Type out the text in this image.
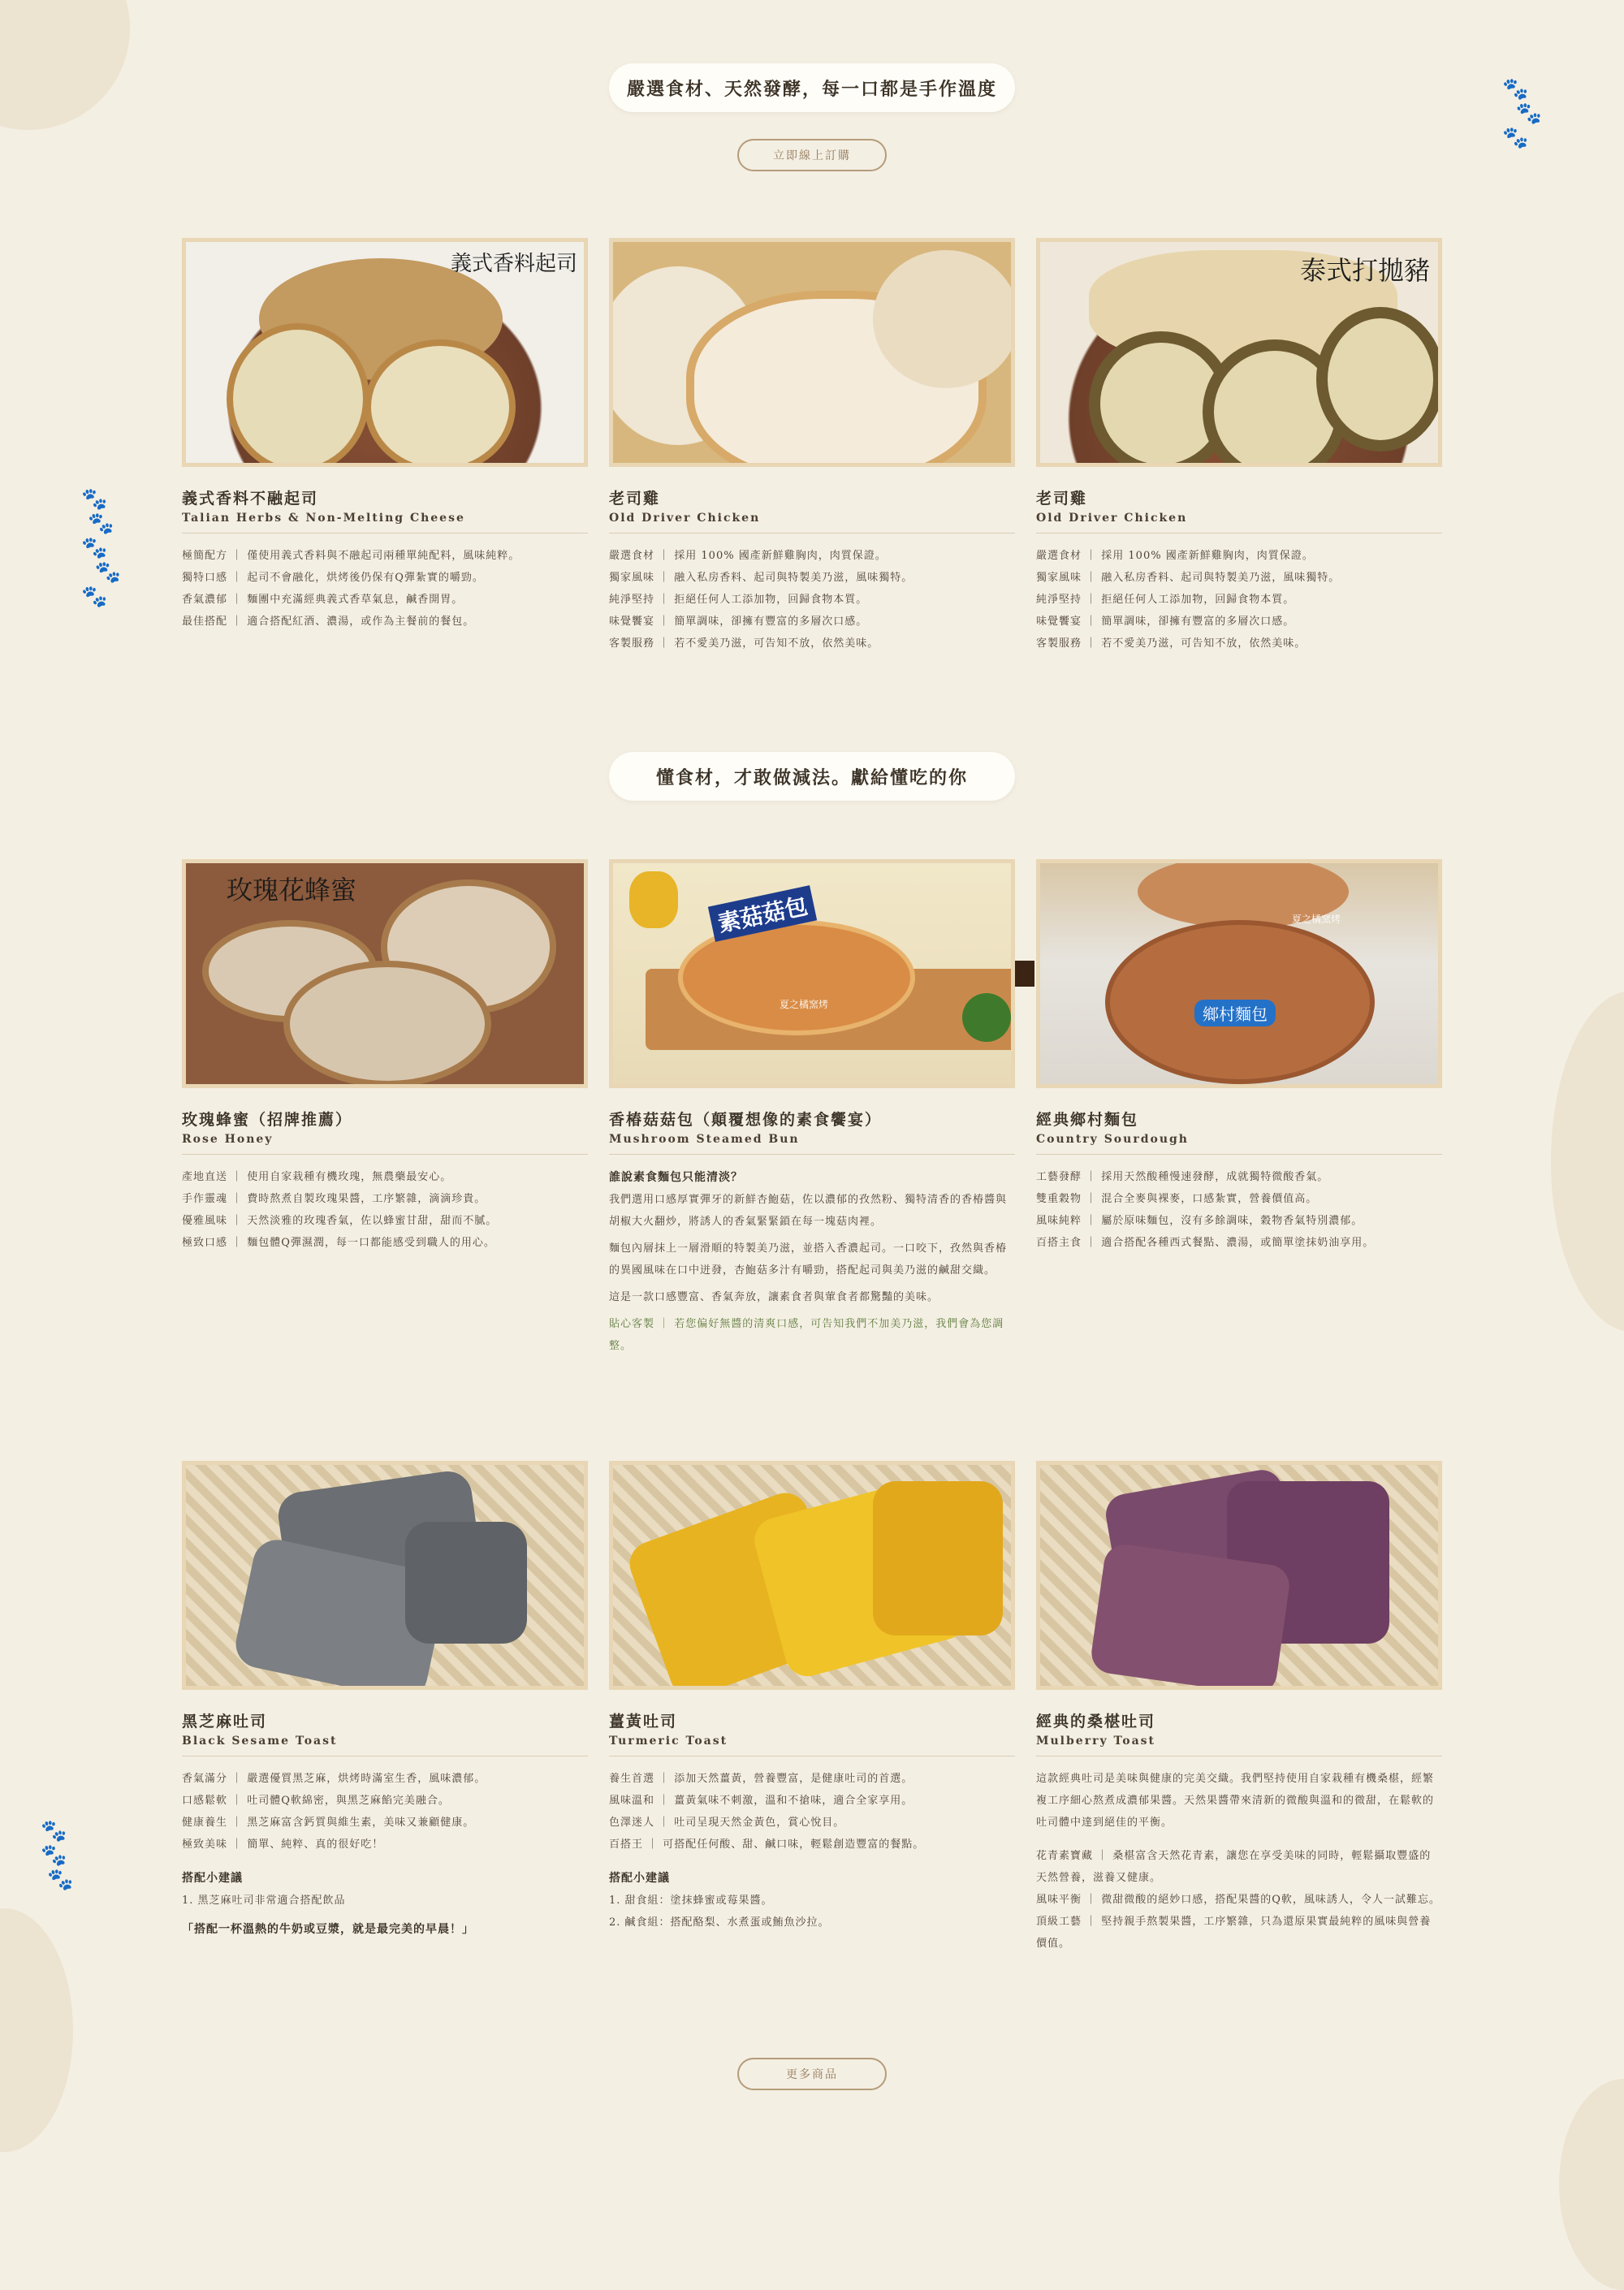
🐾
🐾
🐾
🐾
🐾
🐾
🐾
🐾
🐾
🐾
🐾
嚴選食材、天然發酵，每一口都是手作溫度
立即線上訂購
義式香料起司
義式香料不融起司
Talian Herbs & Non-Melting Cheese
極簡配方 ｜ 僅使用義式香料與不融起司兩種單純配料，風味純粹。
獨特口感 ｜ 起司不會融化，烘烤後仍保有Q彈紮實的嚼勁。
香氣濃郁 ｜ 麵團中充滿經典義式香草氣息，鹹香開胃。
最佳搭配 ｜ 適合搭配紅酒、濃湯，或作為主餐前的餐包。
老司雞
Old Driver Chicken
嚴選食材 ｜ 採用 100% 國產新鮮雞胸肉，肉質保證。
獨家風味 ｜ 融入私房香料、起司與特製美乃滋，風味獨特。
純淨堅持 ｜ 拒絕任何人工添加物，回歸食物本質。
味覺饗宴 ｜ 簡單調味，卻擁有豐富的多層次口感。
客製服務 ｜ 若不愛美乃滋，可告知不放，依然美味。
泰式打拋豬
老司雞
Old Driver Chicken
嚴選食材 ｜ 採用 100% 國產新鮮雞胸肉，肉質保證。
獨家風味 ｜ 融入私房香料、起司與特製美乃滋，風味獨特。
純淨堅持 ｜ 拒絕任何人工添加物，回歸食物本質。
味覺饗宴 ｜ 簡單調味，卻擁有豐富的多層次口感。
客製服務 ｜ 若不愛美乃滋，可告知不放，依然美味。
懂食材，才敢做減法。獻給懂吃的你
玫瑰花蜂蜜
玫瑰蜂蜜（招牌推薦）
Rose Honey
產地直送 ｜ 使用自家栽種有機玫瑰，無農藥最安心。
手作靈魂 ｜ 費時熬煮自製玫瑰果醬，工序繁雜，滴滴珍貴。
優雅風味 ｜ 天然淡雅的玫瑰香氣，佐以蜂蜜甘甜，甜而不膩。
極致口感 ｜ 麵包體Q彈濕潤，每一口都能感受到職人的用心。
素菇菇包
夏之橘窯烤
香椿菇菇包（顛覆想像的素食饗宴）
Mushroom Steamed Bun
誰說素食麵包只能清淡？
我們選用口感厚實彈牙的新鮮杏鮑菇，佐以濃郁的孜然粉、獨特清香的香椿醬與胡椒大火翻炒，將誘人的香氣緊緊鎖在每一塊菇肉裡。
麵包內層抹上一層滑順的特製美乃滋，並搭入香濃起司。一口咬下，孜然與香椿的異國風味在口中迸發，杏鮑菇多汁有嚼勁，搭配起司與美乃滋的鹹甜交織。
這是一款口感豐富、香氣奔放，讓素食者與葷食者都驚豔的美味。
貼心客製 ｜ 若您偏好無醬的清爽口感，可告知我們不加美乃滋，我們會為您調整。
鄉村麵包
夏之橘窯烤
經典鄉村麵包
Country Sourdough
工藝發酵 ｜ 採用天然酸種慢速發酵，成就獨特微酸香氣。
雙重穀物 ｜ 混合全麥與裸麥，口感紮實，營養價值高。
風味純粹 ｜ 屬於原味麵包，沒有多餘調味，穀物香氣特別濃郁。
百搭主食 ｜ 適合搭配各種西式餐點、濃湯，或簡單塗抹奶油享用。
黑芝麻吐司
Black Sesame Toast
香氣滿分 ｜ 嚴選優質黑芝麻，烘烤時滿室生香，風味濃郁。
口感鬆軟 ｜ 吐司體Q軟綿密，與黑芝麻餡完美融合。
健康養生 ｜ 黑芝麻富含鈣質與維生素，美味又兼顧健康。
極致美味 ｜ 簡單、純粹、真的很好吃！
搭配小建議
1. 黑芝麻吐司非常適合搭配飲品
「搭配一杯溫熱的牛奶或豆漿，就是最完美的早晨！」
薑黃吐司
Turmeric Toast
養生首選 ｜ 添加天然薑黃，營養豐富，是健康吐司的首選。
風味溫和 ｜ 薑黃氣味不刺激，溫和不搶味，適合全家享用。
色澤迷人 ｜ 吐司呈現天然金黃色，賞心悅目。
百搭王 ｜ 可搭配任何酸、甜、鹹口味，輕鬆創造豐富的餐點。
搭配小建議
1. 甜食組：塗抹蜂蜜或莓果醬。
2. 鹹食組：搭配酪梨、水煮蛋或鮪魚沙拉。
經典的桑椹吐司
Mulberry Toast
這款經典吐司是美味與健康的完美交織。我們堅持使用自家栽種有機桑椹，經繁複工序細心熬煮成濃郁果醬。天然果醬帶來清新的微酸與溫和的微甜，在鬆軟的吐司體中達到絕佳的平衡。
花青素寶藏 ｜ 桑椹富含天然花青素，讓您在享受美味的同時，輕鬆攝取豐盛的天然營養，滋養又健康。
風味平衡 ｜ 微甜微酸的絕妙口感，搭配果醬的Q軟，風味誘人，令人一試難忘。
頂級工藝 ｜ 堅持親手熬製果醬，工序繁雜，只為還原果實最純粹的風味與營養價值。
更多商品
